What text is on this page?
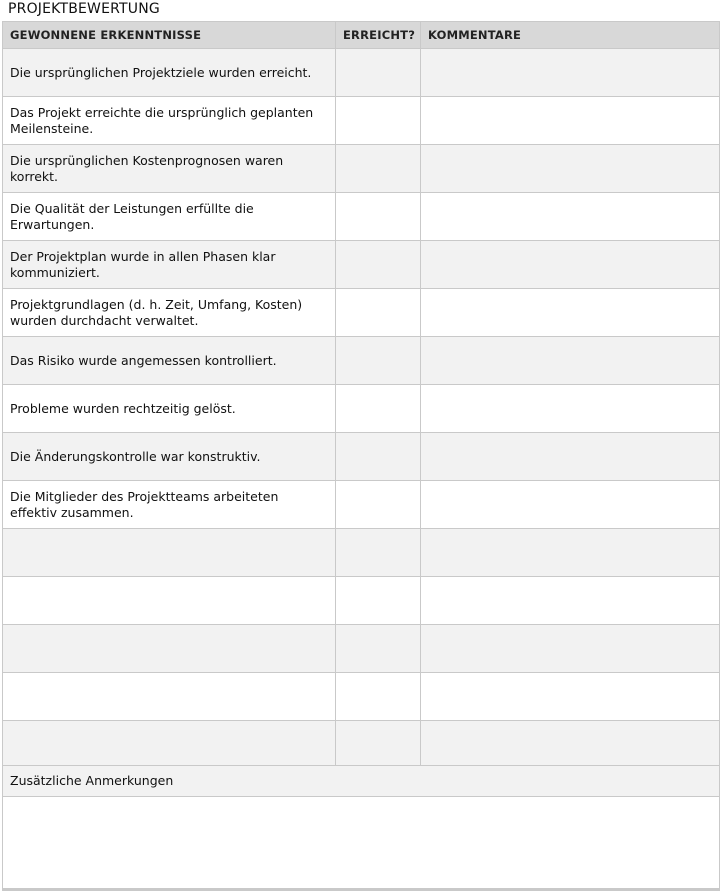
PROJEKTBEWERTUNG
GEWONNENE ERKENNTNISSE	ERREICHT?	KOMMENTARE
Die ursprünglichen Projektziele wurden erreicht.		
Das Projekt erreichte die ursprünglich geplanten Meilensteine.		
Die ursprünglichen Kostenprognosen waren korrekt.		
Die Qualität der Leistungen erfüllte die Erwartungen.		
Der Projektplan wurde in allen Phasen klar kommuniziert.		
Projektgrundlagen (d. h. Zeit, Umfang, Kosten) wurden durchdacht verwaltet.		
Das Risiko wurde angemessen kontrolliert.		
Probleme wurden rechtzeitig gelöst.		
Die Änderungskontrolle war konstruktiv.		
Die Mitglieder des Projektteams arbeiteten effektiv zusammen.		

Zusätzliche Anmerkungen
